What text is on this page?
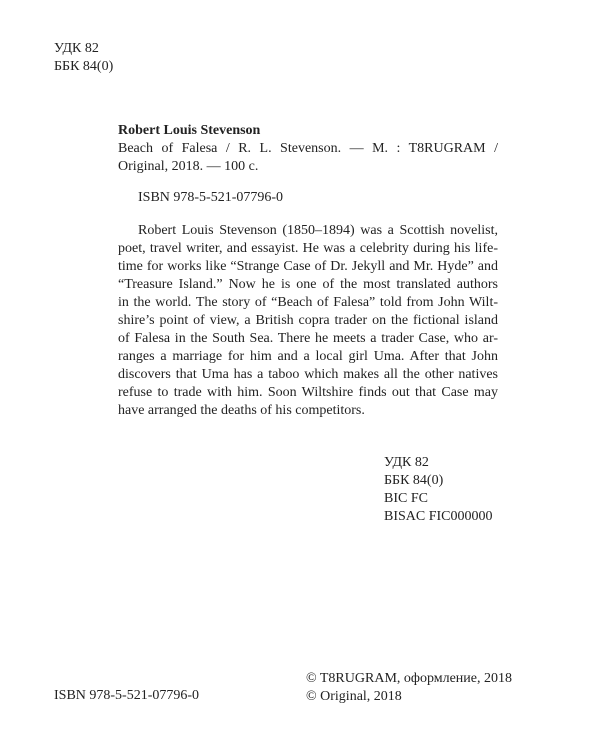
УДК 82
ББК 84(0)
Robert Louis Stevenson
Beach of Falesa / R. L. Stevenson. — M. : T8RUGRAM /
Original, 2018. — 100 c.
ISBN 978-5-521-07796-0
Robert Louis Stevenson (1850–1894) was a Scottish novelist,
poet, travel writer, and essayist. He was a celebrity during his life-
time for works like “Strange Case of Dr. Jekyll and Mr. Hyde” and
“Treasure Island.” Now he is one of the most translated authors
in the world. The story of “Beach of Falesa” told from John Wilt-
shire’s point of view, a British copra trader on the fictional island
of Falesa in the South Sea. There he meets a trader Case, who ar-
ranges a marriage for him and a local girl Uma. After that John
discovers that Uma has a taboo which makes all the other natives
refuse to trade with him. Soon Wiltshire finds out that Case may
have arranged the deaths of his competitors.
УДК 82
ББК 84(0)
BIC FC
BISAC FIC000000
ISBN 978-5-521-07796-0
© T8RUGRAM, оформление, 2018
© Original, 2018
